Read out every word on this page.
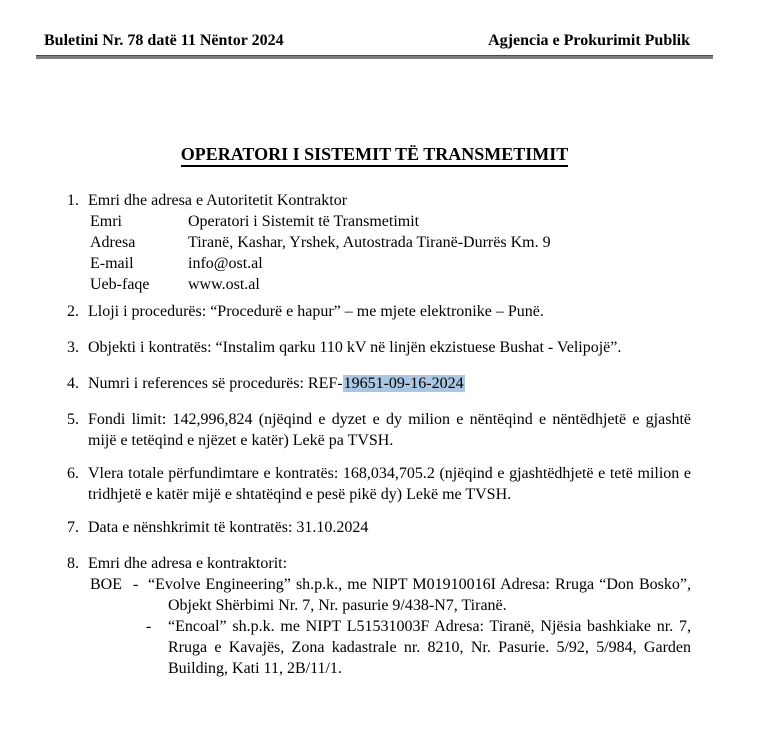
Buletini Nr. 78 datë 11 Nëntor 2024	Agjencia e Prokurimit Publik
OPERATORI I SISTEMIT TË TRANSMETIMIT
1. Emri dhe adresa e Autoritetit Kontraktor
Emri	Operatori i Sistemit të Transmetimit
Adresa	Tiranë, Kashar, Yrshek, Autostrada Tiranë-Durrës Km. 9
E-mail	info@ost.al
Ueb-faqe	www.ost.al
2. Lloji i procedurës: “Procedurë e hapur” – me mjete elektronike – Punë.
3. Objekti i kontratës: “Instalim qarku 110 kV në linjën ekzistuese Bushat - Velipojë”.
4. Numri i references së procedurës: REF-19651-09-16-2024
5. Fondi limit: 142,996,824 (njëqind e dyzet e dy milion e nëntëqind e nëntëdhjetë e gjashtë mijë e tetëqind e njëzet e katër) Lekë pa TVSH.
6. Vlera totale përfundimtare e kontratës: 168,034,705.2 (njëqind e gjashtëdhjetë e tetë milion e tridhjetë e katër mijë e shtatëqind e pesë pikë dy) Lekë me TVSH.
7. Data e nënshkrimit të kontratës: 31.10.2024
8. Emri dhe adresa e kontraktorit:
BOE - “Evolve Engineering” sh.p.k., me NIPT M01910016I Adresa: Rruga “Don Bosko”, Objekt Shërbimi Nr. 7, Nr. pasurie 9/438-N7, Tiranë.
-	“Encoal” sh.p.k. me NIPT L51531003F Adresa: Tiranë, Njësia bashkiake nr. 7, Rruga e Kavajës, Zona kadastrale nr. 8210, Nr. Pasurie. 5/92, 5/984, Garden Building, Kati 11, 2B/11/1.
